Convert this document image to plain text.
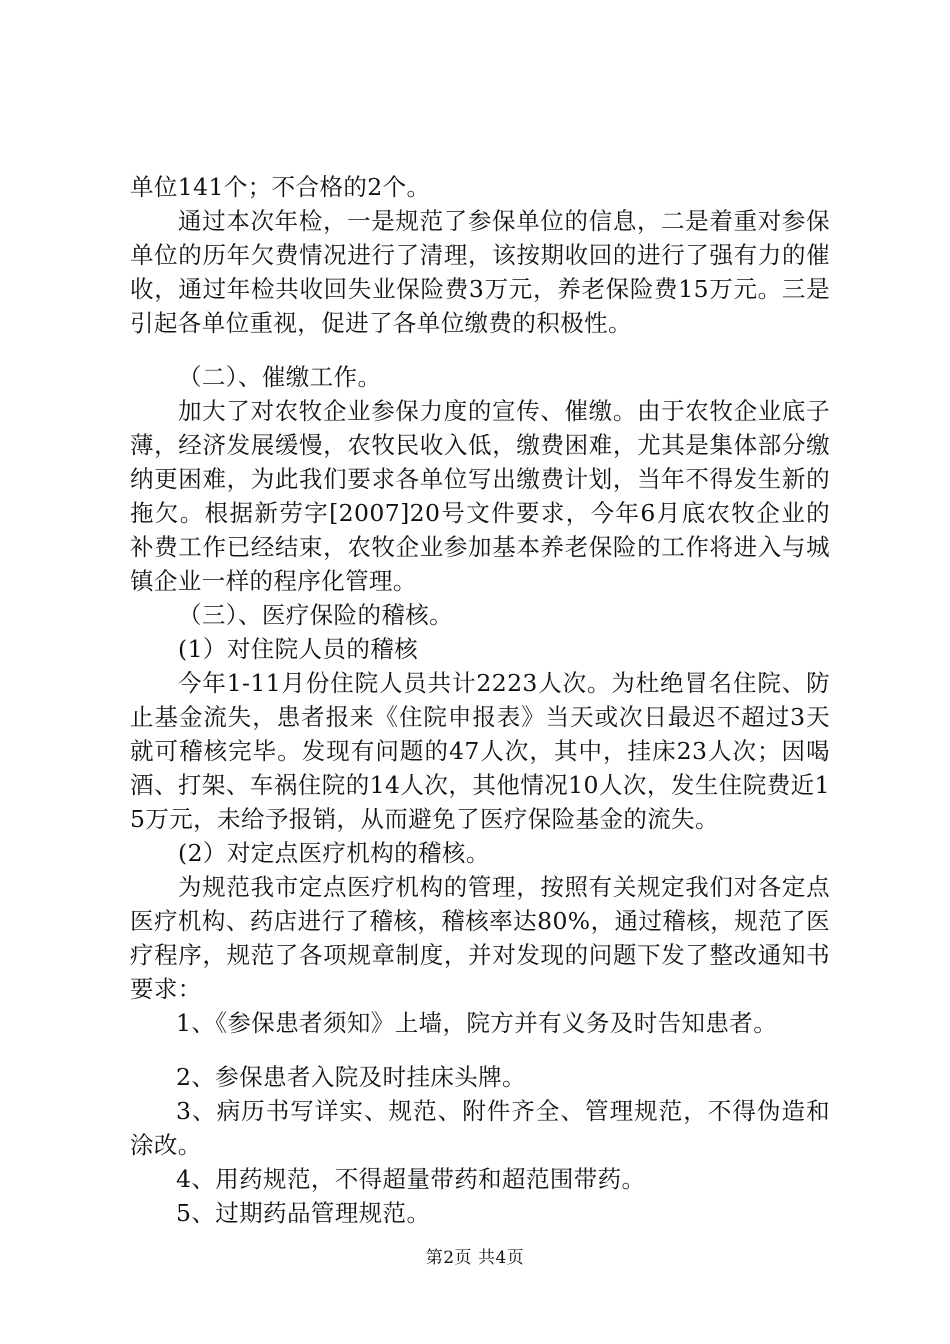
单位141个；不合格的2个。

通过本次年检，一是规范了参保单位的信息，二是着重对参保单位的历年欠费情况进行了清理，该按期收回的进行了强有力的催收，通过年检共收回失业保险费3万元，养老保险费15万元。三是引起各单位重视，促进了各单位缴费的积极性。

（二）、催缴工作。

加大了对农牧企业参保力度的宣传、催缴。由于农牧企业底子薄，经济发展缓慢，农牧民收入低，缴费困难，尤其是集体部分缴纳更困难，为此我们要求各单位写出缴费计划，当年不得发生新的拖欠。根据新劳字[2007]20号文件要求，今年6月底农牧企业的补费工作已经结束，农牧企业参加基本养老保险的工作将进入与城镇企业一样的程序化管理。

（三）、医疗保险的稽核。

(1）对住院人员的稽核

今年1-11月份住院人员共计2223人次。为杜绝冒名住院、防止基金流失，患者报来《住院申报表》当天或次日最迟不超过3天就可稽核完毕。发现有问题的47人次，其中，挂床23人次；因喝酒、打架、车祸住院的14人次，其他情况10人次，发生住院费近15万元，未给予报销，从而避免了医疗保险基金的流失。

(2）对定点医疗机构的稽核。

为规范我市定点医疗机构的管理，按照有关规定我们对各定点医疗机构、药店进行了稽核，稽核率达80%，通过稽核，规范了医疗程序，规范了各项规章制度，并对发现的问题下发了整改通知书要求：

1、《参保患者须知》上墙，院方并有义务及时告知患者。

2、参保患者入院及时挂床头牌。

3、病历书写详实、规范、附件齐全、管理规范，不得伪造和涂改。

4、用药规范，不得超量带药和超范围带药。

5、过期药品管理规范。

第2页 共4页
